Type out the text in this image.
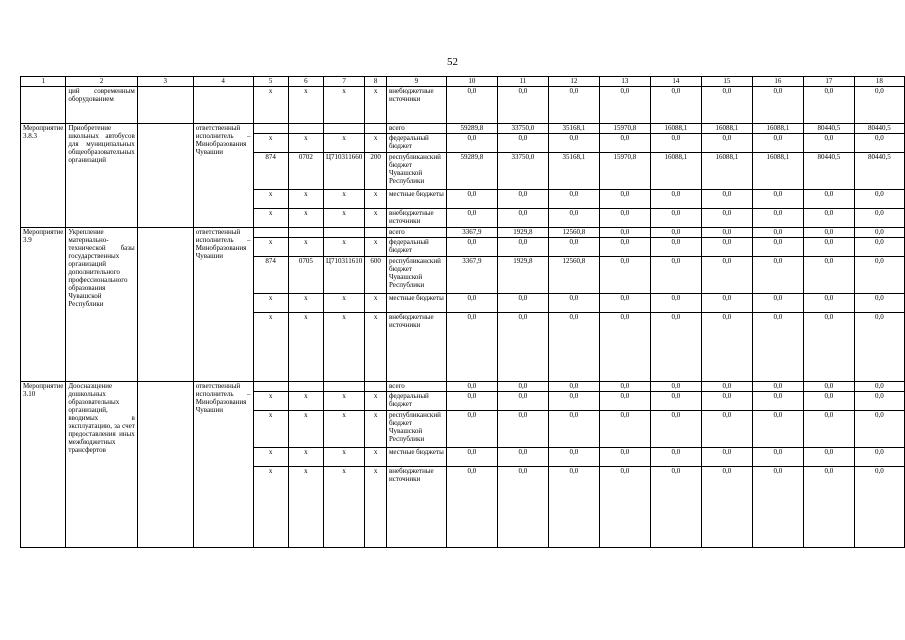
52
1	2	3	4	5	6	7	8	9	10	11	12	13	14	15	16	17	18
	ций современным оборудованием			x	x	x	x	внебюджетные источники	0,0	0,0	0,0	0,0	0,0	0,0	0,0	0,0	0,0
Мероприятие 3.8.3	Приобретение школьных автобусов для муниципальных общеобразовательных организаций		ответственный исполнитель – Минобразования Чувашии					всего	59289,8	33750,0	35168,1	15970,8	16088,1	16088,1	16088,1	80440,5	80440,5
				x	x	x	x	федеральный бюджет	0,0	0,0	0,0	0,0	0,0	0,0	0,0	0,0	0,0
				874	0702	Ц710311660	200	республиканский бюджет Чувашской Республики	59289,8	33750,0	35168,1	15970,8	16088,1	16088,1	16088,1	80440,5	80440,5
				x	x	x	x	местные бюджеты	0,0	0,0	0,0	0,0	0,0	0,0	0,0	0,0	0,0
				x	x	x	x	внебюджетные источники	0,0	0,0	0,0	0,0	0,0	0,0	0,0	0,0	0,0
Мероприятие 3.9	Укрепление материально-технической базы государственных организаций дополнительного профессионального образования Чувашской Республики		ответственный исполнитель – Минобразования Чувашии					всего	3367,9	1929,8	12560,8	0,0	0,0	0,0	0,0	0,0	0,0
				x	x	x	x	федеральный бюджет	0,0	0,0	0,0	0,0	0,0	0,0	0,0	0,0	0,0
				874	0705	Ц710311610	600	республиканский бюджет Чувашской Республики	3367,9	1929,8	12560,8	0,0	0,0	0,0	0,0	0,0	0,0
				x	x	x	x	местные бюджеты	0,0	0,0	0,0	0,0	0,0	0,0	0,0	0,0	0,0
				x	x	x	x	внебюджетные источники	0,0	0,0	0,0	0,0	0,0	0,0	0,0	0,0	0,0
Мероприятие 3.10	Доосназщение дошкольных образовательных организаций, вводимых в эксплуатацию, за счет предоставления иных межбюджетных трансфертов		ответственный исполнитель – Минобразования Чувашии					всего	0,0	0,0	0,0	0,0	0,0	0,0	0,0	0,0	0,0
				x	x	x	x	федеральный бюджет	0,0	0,0	0,0	0,0	0,0	0,0	0,0	0,0	0,0
				x	x	x	x	республиканский бюджет Чувашской Республики	0,0	0,0	0,0	0,0	0,0	0,0	0,0	0,0	0,0
				x	x	x	x	местные бюджеты	0,0	0,0	0,0	0,0	0,0	0,0	0,0	0,0	0,0
				x	x	x	x	внебюджетные источники	0,0	0,0	0,0	0,0	0,0	0,0	0,0	0,0	0,0
